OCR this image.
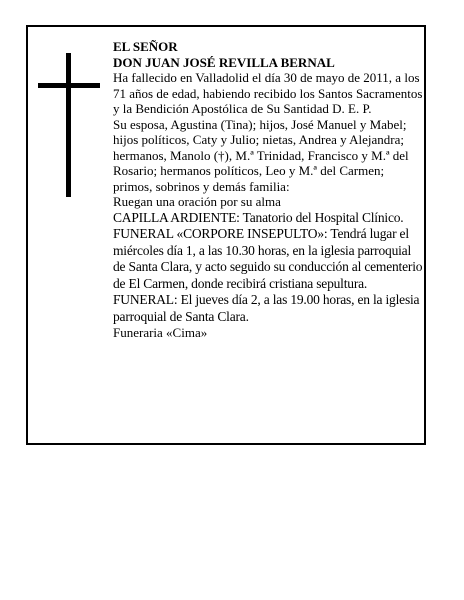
EL SEÑOR

DON JUAN JOSÉ REVILLA BERNAL

Ha fallecido en Valladolid el día 30 de mayo de 2011, a los 71 años de edad, habiendo recibido los Santos Sacramentos y la Bendición Apostólica de Su Santidad D. E. P.

Su esposa, Agustina (Tina); hijos, José Manuel y Mabel; hijos políticos, Caty y Julio; nietas, Andrea y Alejandra; hermanos, Manolo (†), M.ª Trinidad, Francisco y M.ª del Rosario; hermanos políticos, Leo y M.ª del Carmen; primos, sobrinos y demás familia:

Ruegan una oración por su alma

CAPILLA ARDIENTE: Tanatorio del Hospital Clínico.

FUNERAL «CORPORE INSEPULTO»: Tendrá lugar el miércoles día 1, a las 10.30 horas, en la iglesia parroquial de Santa Clara, y acto seguido su conducción al cementerio de El Carmen, donde recibirá cristiana sepultura.

FUNERAL: El jueves día 2, a las 19.00 horas, en la iglesia parroquial de Santa Clara.

Funeraria «Cima»
